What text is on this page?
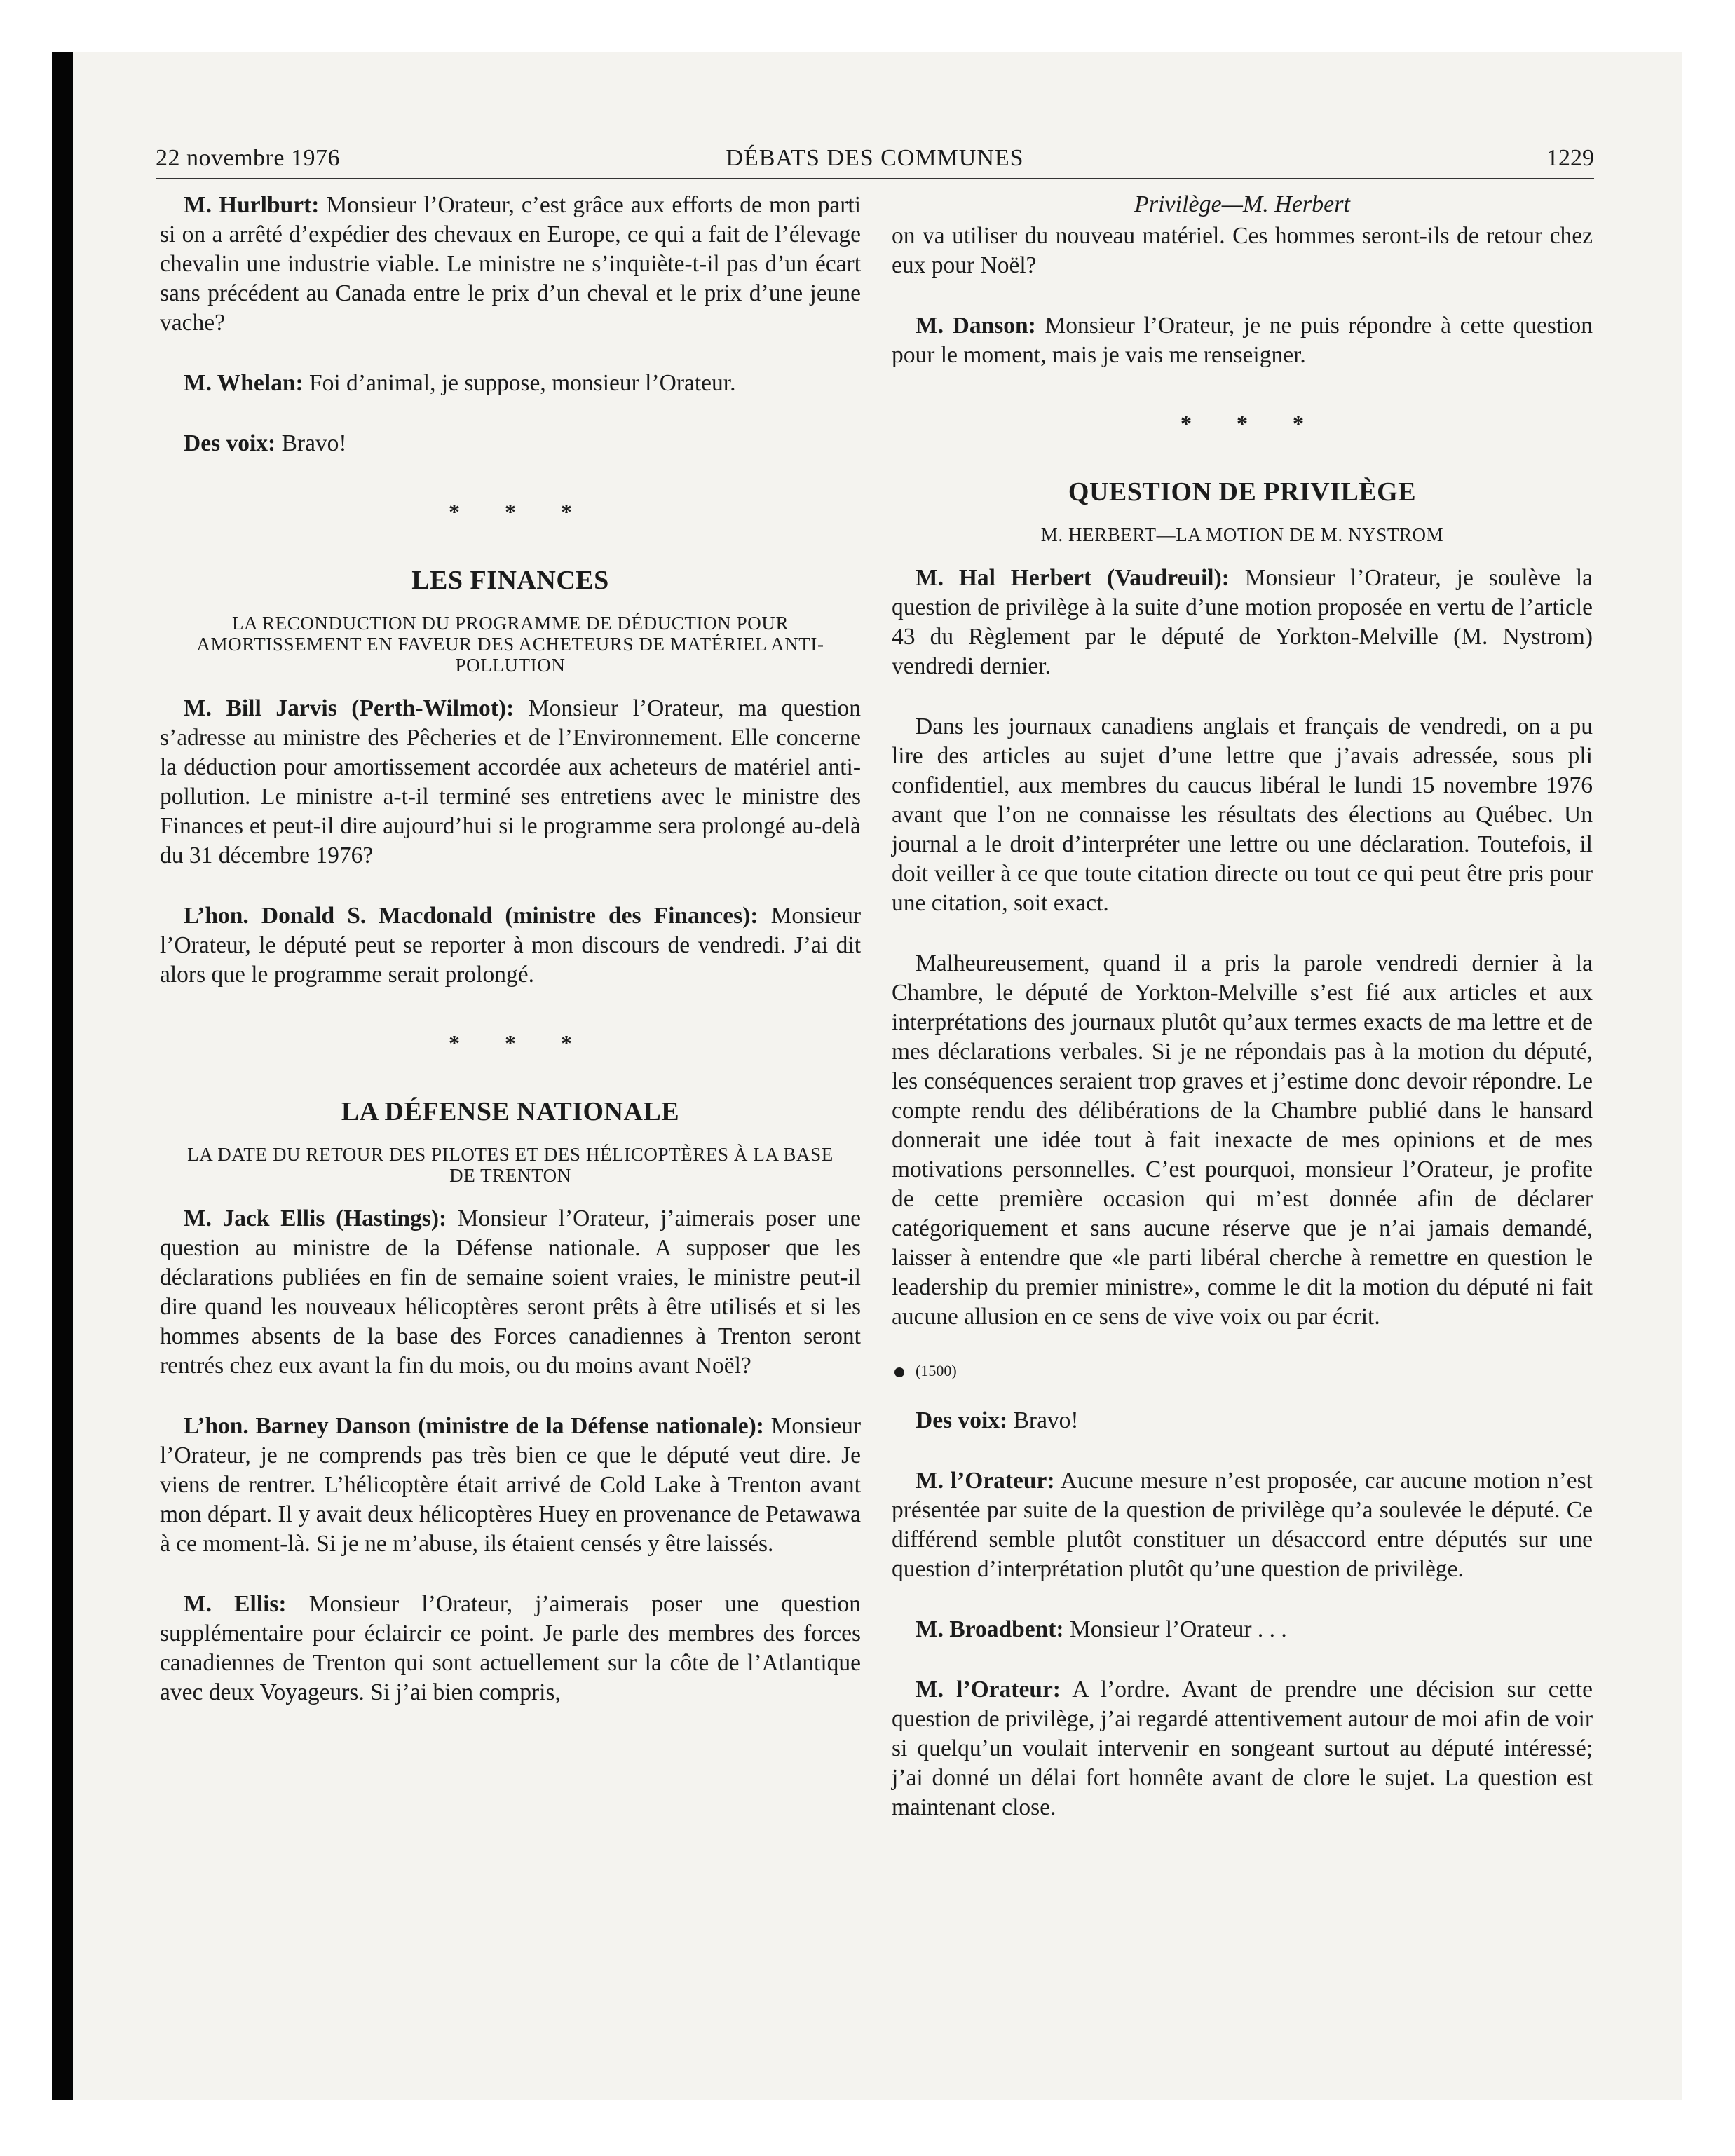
22 novembre 1976	DÉBATS DES COMMUNES	1229

M. Hurlburt: Monsieur l’Orateur, c’est grâce aux efforts de mon parti si on a arrêté d’expédier des chevaux en Europe, ce qui a fait de l’élevage chevalin une industrie viable. Le ministre ne s’inquiète-t-il pas d’un écart sans précédent au Canada entre le prix d’un cheval et le prix d’une jeune vache?

M. Whelan: Foi d’animal, je suppose, monsieur l’Orateur.

Des voix: Bravo!

* * *
LES FINANCES
LA RECONDUCTION DU PROGRAMME DE DÉDUCTION POUR AMORTISSEMENT EN FAVEUR DES ACHETEURS DE MATÉRIEL ANTI-POLLUTION

M. Bill Jarvis (Perth-Wilmot): Monsieur l’Orateur, ma question s’adresse au ministre des Pêcheries et de l’Environnement. Elle concerne la déduction pour amortissement accordée aux acheteurs de matériel anti-pollution. Le ministre a-t-il terminé ses entretiens avec le ministre des Finances et peut-il dire aujourd’hui si le programme sera prolongé au-delà du 31 décembre 1976?

L’hon. Donald S. Macdonald (ministre des Finances): Monsieur l’Orateur, le député peut se reporter à mon discours de vendredi. J’ai dit alors que le programme serait prolongé.

* * *
LA DÉFENSE NATIONALE
LA DATE DU RETOUR DES PILOTES ET DES HÉLICOPTÈRES À LA BASE DE TRENTON

M. Jack Ellis (Hastings): Monsieur l’Orateur, j’aimerais poser une question au ministre de la Défense nationale. A supposer que les déclarations publiées en fin de semaine soient vraies, le ministre peut-il dire quand les nouveaux hélicoptères seront prêts à être utilisés et si les hommes absents de la base des Forces canadiennes à Trenton seront rentrés chez eux avant la fin du mois, ou du moins avant Noël?

L’hon. Barney Danson (ministre de la Défense nationale): Monsieur l’Orateur, je ne comprends pas très bien ce que le député veut dire. Je viens de rentrer. L’hélicoptère était arrivé de Cold Lake à Trenton avant mon départ. Il y avait deux hélicoptères Huey en provenance de Petawawa à ce moment-là. Si je ne m’abuse, ils étaient censés y être laissés.

M. Ellis: Monsieur l’Orateur, j’aimerais poser une question supplémentaire pour éclaircir ce point. Je parle des membres des forces canadiennes de Trenton qui sont actuellement sur la côte de l’Atlantique avec deux Voyageurs. Si j’ai bien compris,

Privilège—M. Herbert

on va utiliser du nouveau matériel. Ces hommes seront-ils de retour chez eux pour Noël?

M. Danson: Monsieur l’Orateur, je ne puis répondre à cette question pour le moment, mais je vais me renseigner.

* * *
QUESTION DE PRIVILÈGE
M. HERBERT—LA MOTION DE M. NYSTROM

M. Hal Herbert (Vaudreuil): Monsieur l’Orateur, je soulève la question de privilège à la suite d’une motion proposée en vertu de l’article 43 du Règlement par le député de Yorkton-Melville (M. Nystrom) vendredi dernier.

Dans les journaux canadiens anglais et français de vendredi, on a pu lire des articles au sujet d’une lettre que j’avais adressée, sous pli confidentiel, aux membres du caucus libéral le lundi 15 novembre 1976 avant que l’on ne connaisse les résultats des élections au Québec. Un journal a le droit d’interpréter une lettre ou une déclaration. Toutefois, il doit veiller à ce que toute citation directe ou tout ce qui peut être pris pour une citation, soit exact.

Malheureusement, quand il a pris la parole vendredi dernier à la Chambre, le député de Yorkton-Melville s’est fié aux articles et aux interprétations des journaux plutôt qu’aux termes exacts de ma lettre et de mes déclarations verbales. Si je ne répondais pas à la motion du député, les conséquences seraient trop graves et j’estime donc devoir répondre. Le compte rendu des délibérations de la Chambre publié dans le hansard donnerait une idée tout à fait inexacte de mes opinions et de mes motivations personnelles. C’est pourquoi, monsieur l’Orateur, je profite de cette première occasion qui m’est donnée afin de déclarer catégoriquement et sans aucune réserve que je n’ai jamais demandé, laisser à entendre que «le parti libéral cherche à remettre en question le leadership du premier ministre», comme le dit la motion du député ni fait aucune allusion en ce sens de vive voix ou par écrit.

(1500)

Des voix: Bravo!

M. l’Orateur: Aucune mesure n’est proposée, car aucune motion n’est présentée par suite de la question de privilège qu’a soulevée le député. Ce différend semble plutôt constituer un désaccord entre députés sur une question d’interprétation plutôt qu’une question de privilège.

M. Broadbent: Monsieur l’Orateur . . .

M. l’Orateur: A l’ordre. Avant de prendre une décision sur cette question de privilège, j’ai regardé attentivement autour de moi afin de voir si quelqu’un voulait intervenir en songeant surtout au député intéressé; j’ai donné un délai fort honnête avant de clore le sujet. La question est maintenant close.
